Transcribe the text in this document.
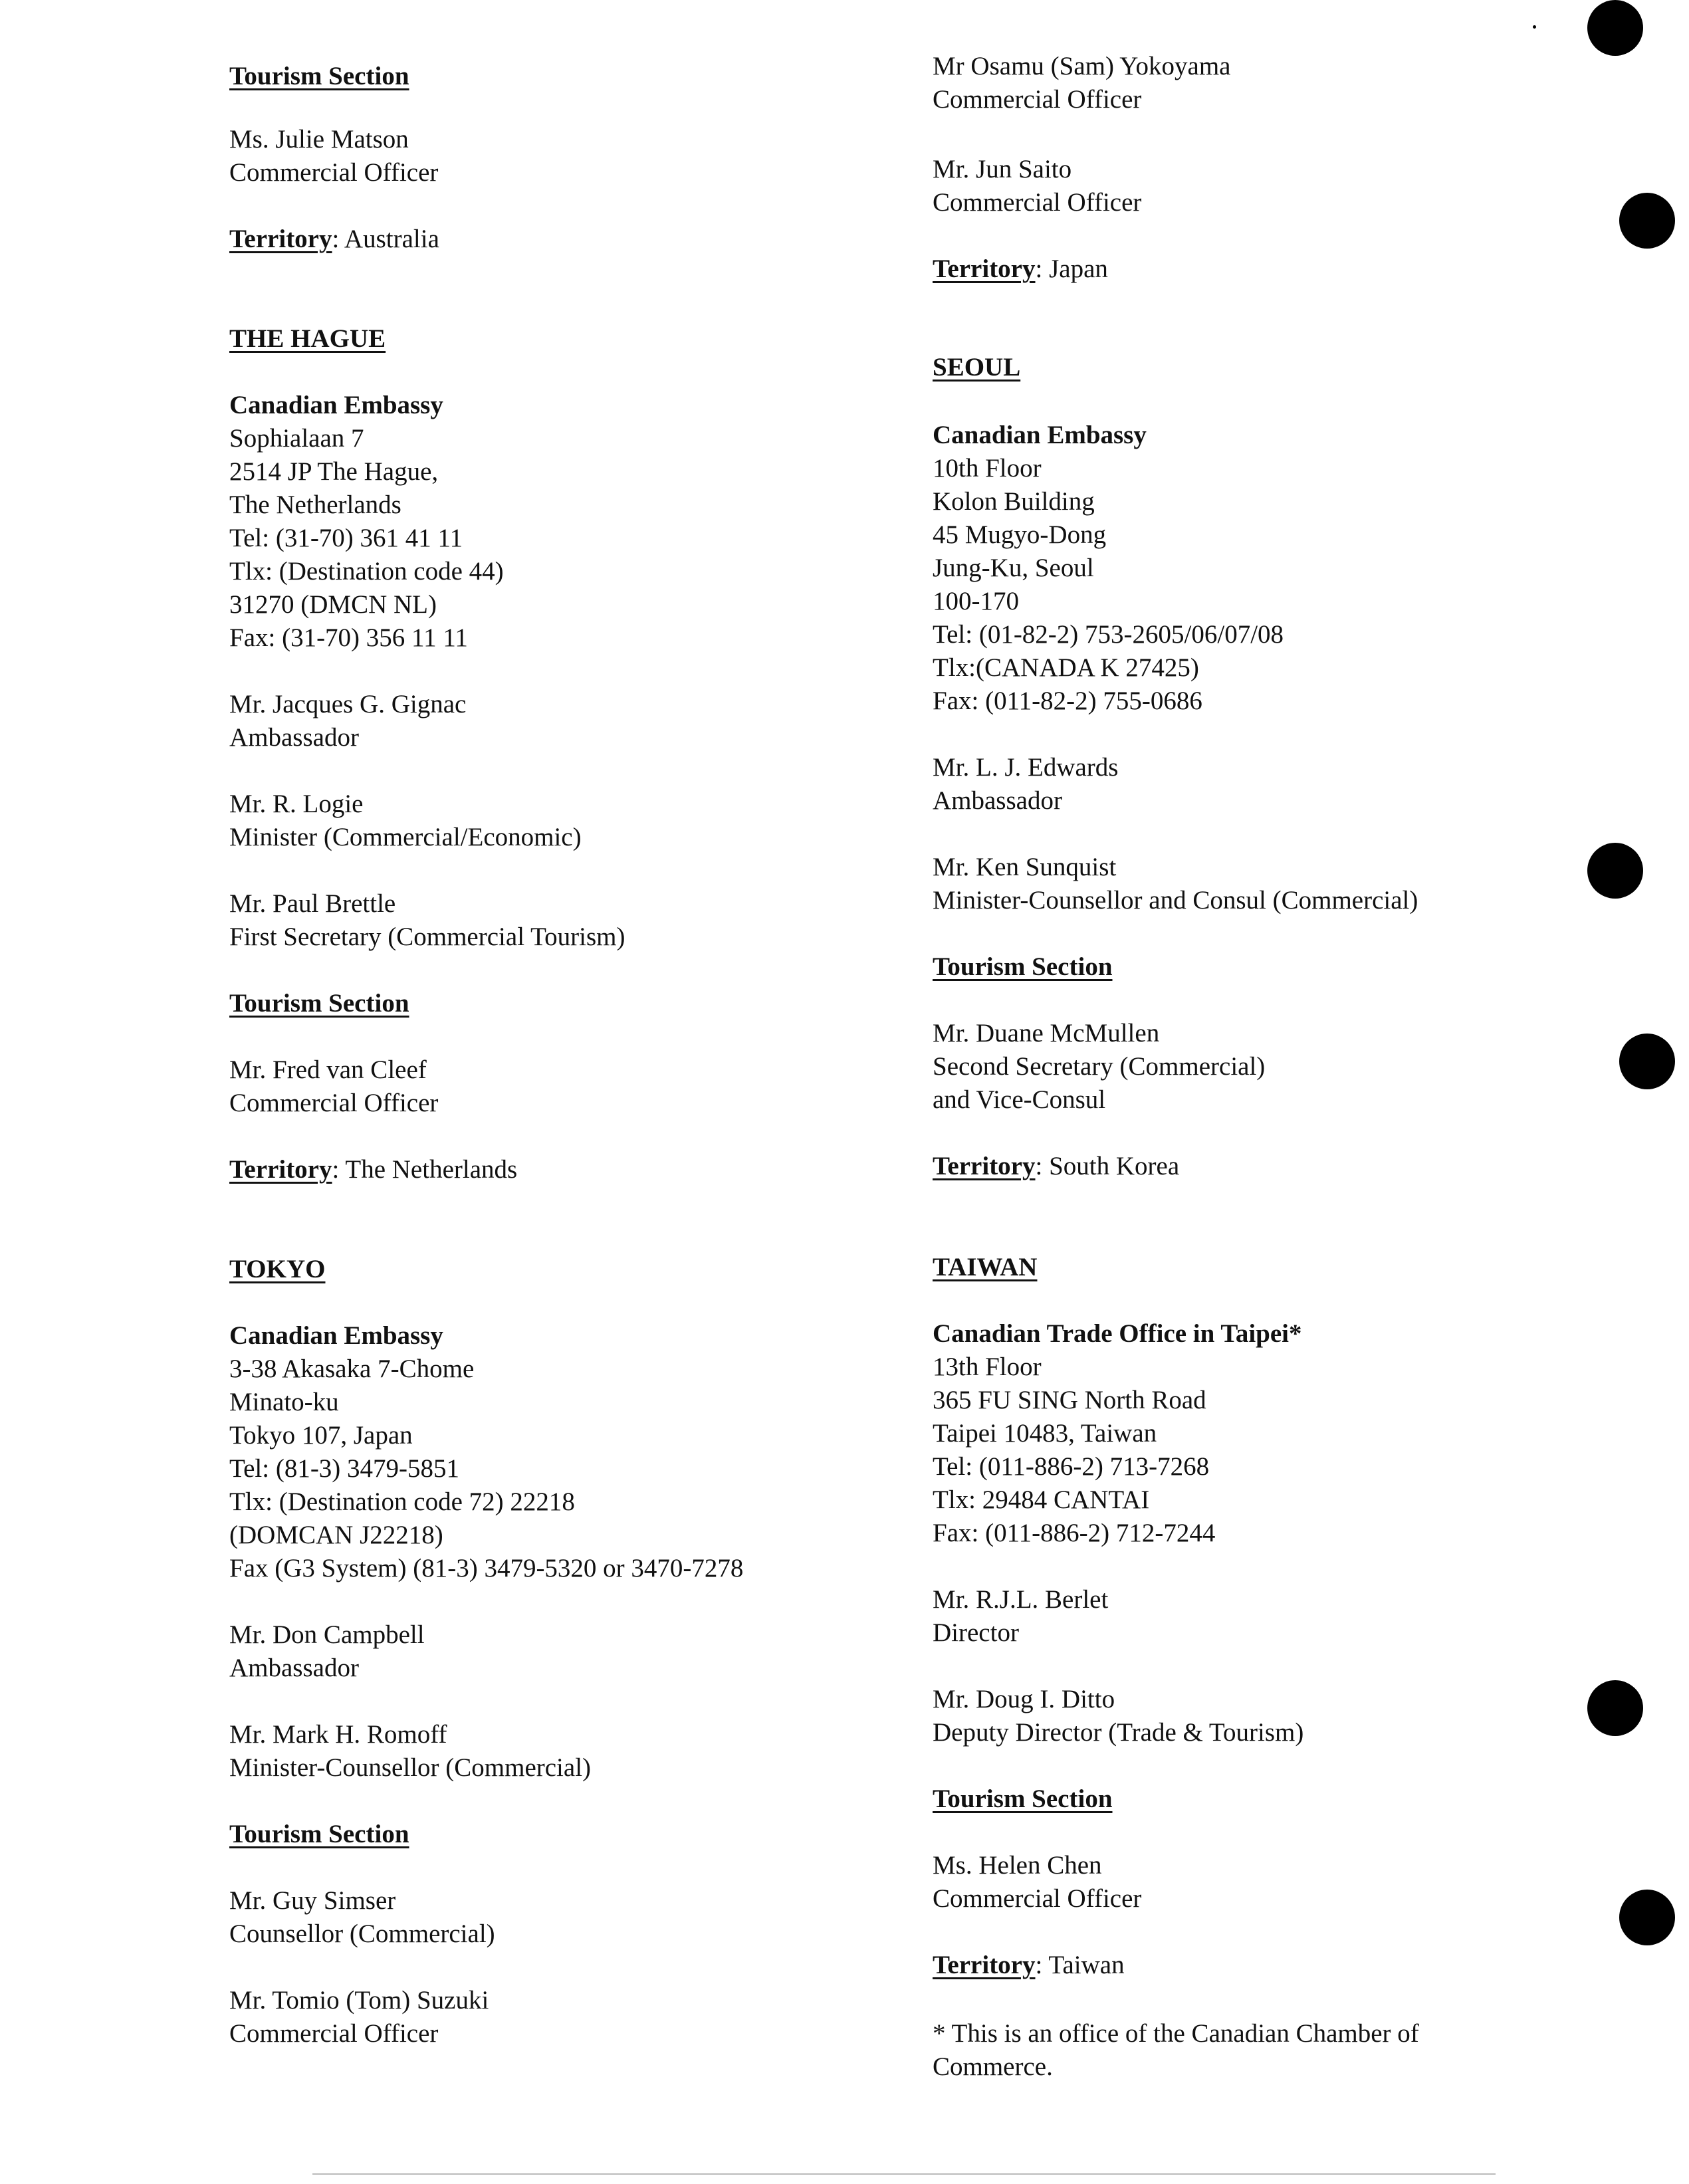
Tourism Section
Ms. Julie Matson
Commercial Officer
Territory: Australia
THE HAGUE
Canadian Embassy
Sophialaan 7
2514 JP The Hague,
The Netherlands
Tel: (31-70) 361 41 11
Tlx: (Destination code 44)
31270 (DMCN NL)
Fax: (31-70) 356 11 11
Mr. Jacques G. Gignac
Ambassador
Mr. R. Logie
Minister (Commercial/Economic)
Mr. Paul Brettle
First Secretary (Commercial Tourism)
Tourism Section
Mr. Fred van Cleef
Commercial Officer
Territory: The Netherlands
TOKYO
Canadian Embassy
3-38 Akasaka 7-Chome
Minato-ku
Tokyo 107, Japan
Tel: (81-3) 3479-5851
Tlx: (Destination code 72) 22218
(DOMCAN J22218)
Fax (G3 System) (81-3) 3479-5320 or 3470-7278
Mr. Don Campbell
Ambassador
Mr. Mark H. Romoff
Minister-Counsellor (Commercial)
Tourism Section
Mr. Guy Simser
Counsellor (Commercial)
Mr. Tomio (Tom) Suzuki
Commercial Officer
Mr Osamu (Sam) Yokoyama
Commercial Officer
Mr. Jun Saito
Commercial Officer
Territory: Japan
SEOUL
Canadian Embassy
10th Floor
Kolon Building
45 Mugyo-Dong
Jung-Ku, Seoul
100-170
Tel: (01-82-2) 753-2605/06/07/08
Tlx:(CANADA K 27425)
Fax: (011-82-2) 755-0686
Mr. L. J. Edwards
Ambassador
Mr. Ken Sunquist
Minister-Counsellor and Consul (Commercial)
Tourism Section
Mr. Duane McMullen
Second Secretary (Commercial)
and Vice-Consul
Territory: South Korea
TAIWAN
Canadian Trade Office in Taipei*
13th Floor
365 FU SING North Road
Taipei 10483, Taiwan
Tel: (011-886-2) 713-7268
Tlx: 29484 CANTAI
Fax: (011-886-2) 712-7244
Mr. R.J.L. Berlet
Director
Mr. Doug I. Ditto
Deputy Director (Trade & Tourism)
Tourism Section
Ms. Helen Chen
Commercial Officer
Territory: Taiwan
* This is an office of the Canadian Chamber of
Commerce.
